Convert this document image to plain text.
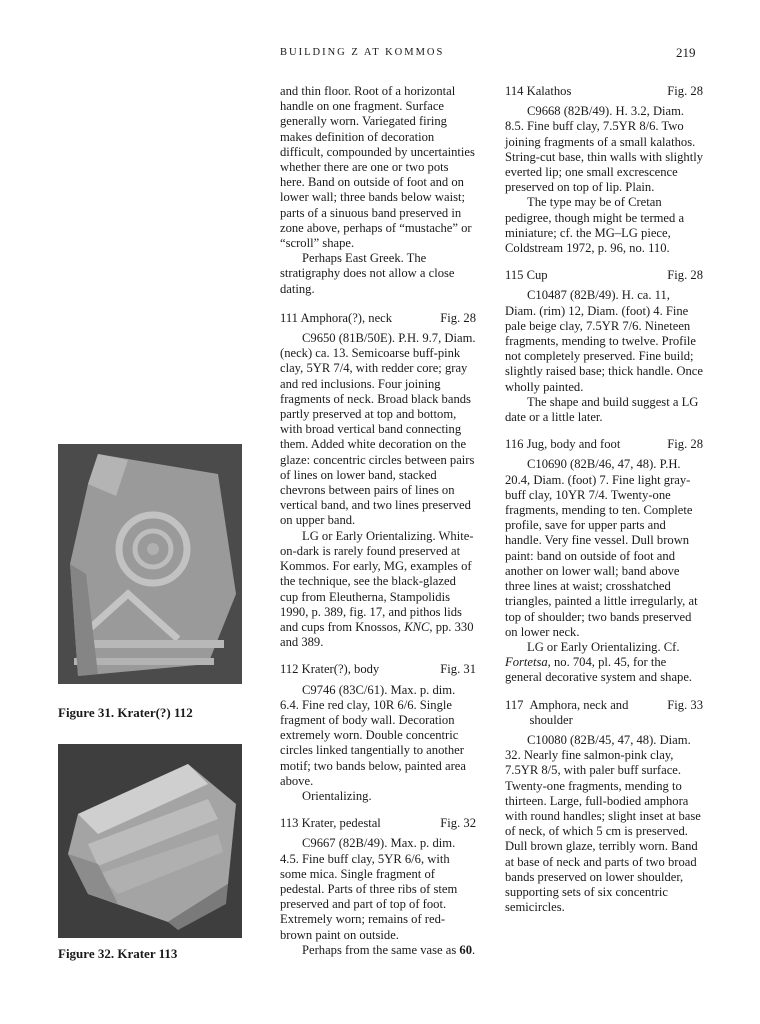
BUILDING Z AT KOMMOS	219
Figure 31. Krater(?) 112
Figure 32. Krater 113

and thin floor. Root of a horizontal handle on one fragment. Surface generally worn. Variegated firing makes definition of decoration difficult, compounded by uncertainties whether there are one or two pots here. Band on outside of foot and on lower wall; three bands below waist; parts of a sinuous band preserved in zone above, perhaps of “mustache” or “scroll” shape.

Perhaps East Greek. The stratigraphy does not allow a close dating.

111 Amphora(?), neck	Fig. 28

C9650 (81B/50E). P.H. 9.7, Diam. (neck) ca. 13. Semicoarse buff-pink clay, 5YR 7/4, with redder core; gray and red inclusions. Four joining fragments of neck. Broad black bands partly preserved at top and bottom, with broad vertical band connecting them. Added white decoration on the glaze: concentric circles between pairs of lines on lower band, stacked chevrons between pairs of lines on vertical band, and two lines preserved on upper band.

LG or Early Orientalizing. White-on-dark is rarely found preserved at Kommos. For early, MG, examples of the technique, see the black-glazed cup from Eleutherna, Stampolidis 1990, p. 389, fig. 17, and pithos lids and cups from Knossos, KNC, pp. 330 and 389.

112 Krater(?), body	Fig. 31

C9746 (83C/61). Max. p. dim. 6.4. Fine red clay, 10R 6/6. Single fragment of body wall. Decoration extremely worn. Double concentric circles linked tangentially to another motif; two bands below, painted area above.

Orientalizing.

113 Krater, pedestal	Fig. 32

C9667 (82B/49). Max. p. dim. 4.5. Fine buff clay, 5YR 6/6, with some mica. Single fragment of pedestal. Parts of three ribs of stem preserved and part of top of foot. Extremely worn; remains of red-brown paint on outside.

Perhaps from the same vase as 60.

114 Kalathos	Fig. 28

C9668 (82B/49). H. 3.2, Diam. 8.5. Fine buff clay, 7.5YR 8/6. Two joining fragments of a small kalathos. String-cut base, thin walls with slightly everted lip; one small excrescence preserved on top of lip. Plain.

The type may be of Cretan pedigree, though might be termed a miniature; cf. the MG–LG piece, Coldstream 1972, p. 96, no. 110.

115 Cup	Fig. 28

C10487 (82B/49). H. ca. 11, Diam. (rim) 12, Diam. (foot) 4. Fine pale beige clay, 7.5YR 7/6. Nineteen fragments, mending to twelve. Profile not completely preserved. Fine build; slightly raised base; thick handle. Once wholly painted.

The shape and build suggest a LG date or a little later.

116 Jug, body and foot	Fig. 28

C10690 (82B/46, 47, 48). P.H. 20.4, Diam. (foot) 7. Fine light gray-buff clay, 10YR 7/4. Twenty-one fragments, mending to ten. Complete profile, save for upper parts and handle. Very fine vessel. Dull brown paint: band on outside of foot and another on lower wall; band above three lines at waist; crosshatched triangles, painted a little irregularly, at top of shoulder; two bands preserved on lower neck.

LG or Early Orientalizing. Cf. Fortetsa, no. 704, pl. 45, for the general decorative system and shape.

117 Amphora, neck and shoulder
Fig. 33

C10080 (82B/45, 47, 48). Diam. 32. Nearly fine salmon-pink clay, 7.5YR 8/5, with paler buff surface. Twenty-one fragments, mending to thirteen. Large, full-bodied amphora with round handles; slight inset at base of neck, of which 5 cm is preserved. Dull brown glaze, terribly worn. Band at base of neck and parts of two broad bands preserved on lower shoulder, supporting sets of six concentric semicircles.
